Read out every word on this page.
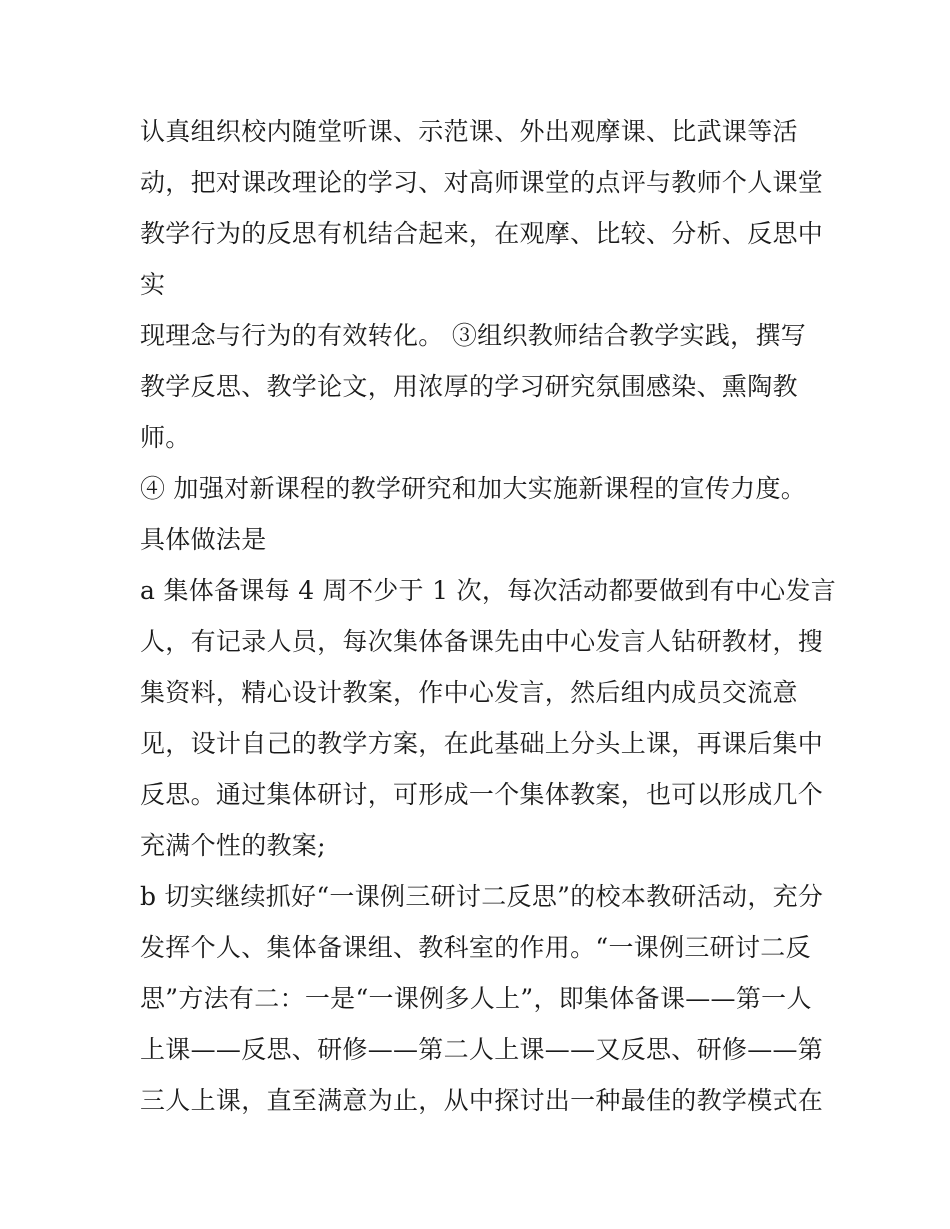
认真组织校内随堂听课、示范课、外出观摩课、比武课等活
动，把对课改理论的学习、对高师课堂的点评与教师个人课堂
教学行为的反思有机结合起来，在观摩、比较、分析、反思中
实
现理念与行为的有效转化。 ③组织教师结合教学实践，撰写
教学反思、教学论文，用浓厚的学习研究氛围感染、熏陶教
师。
④ 加强对新课程的教学研究和加大实施新课程的宣传力度。
具体做法是
a 集体备课每 4 周不少于 1 次，每次活动都要做到有中心发言
人，有记录人员，每次集体备课先由中心发言人钻研教材，搜
集资料，精心设计教案，作中心发言，然后组内成员交流意
见，设计自己的教学方案，在此基础上分头上课，再课后集中
反思。通过集体研讨，可形成一个集体教案，也可以形成几个
充满个性的教案;
b 切实继续抓好“一课例三研讨二反思”的校本教研活动，充分
发挥个人、集体备课组、教科室的作用。“一课例三研讨二反
思”方法有二：一是“一课例多人上”，即集体备课——第一人
上课——反思、研修——第二人上课——又反思、研修——第
三人上课，直至满意为止，从中探讨出一种最佳的教学模式在
